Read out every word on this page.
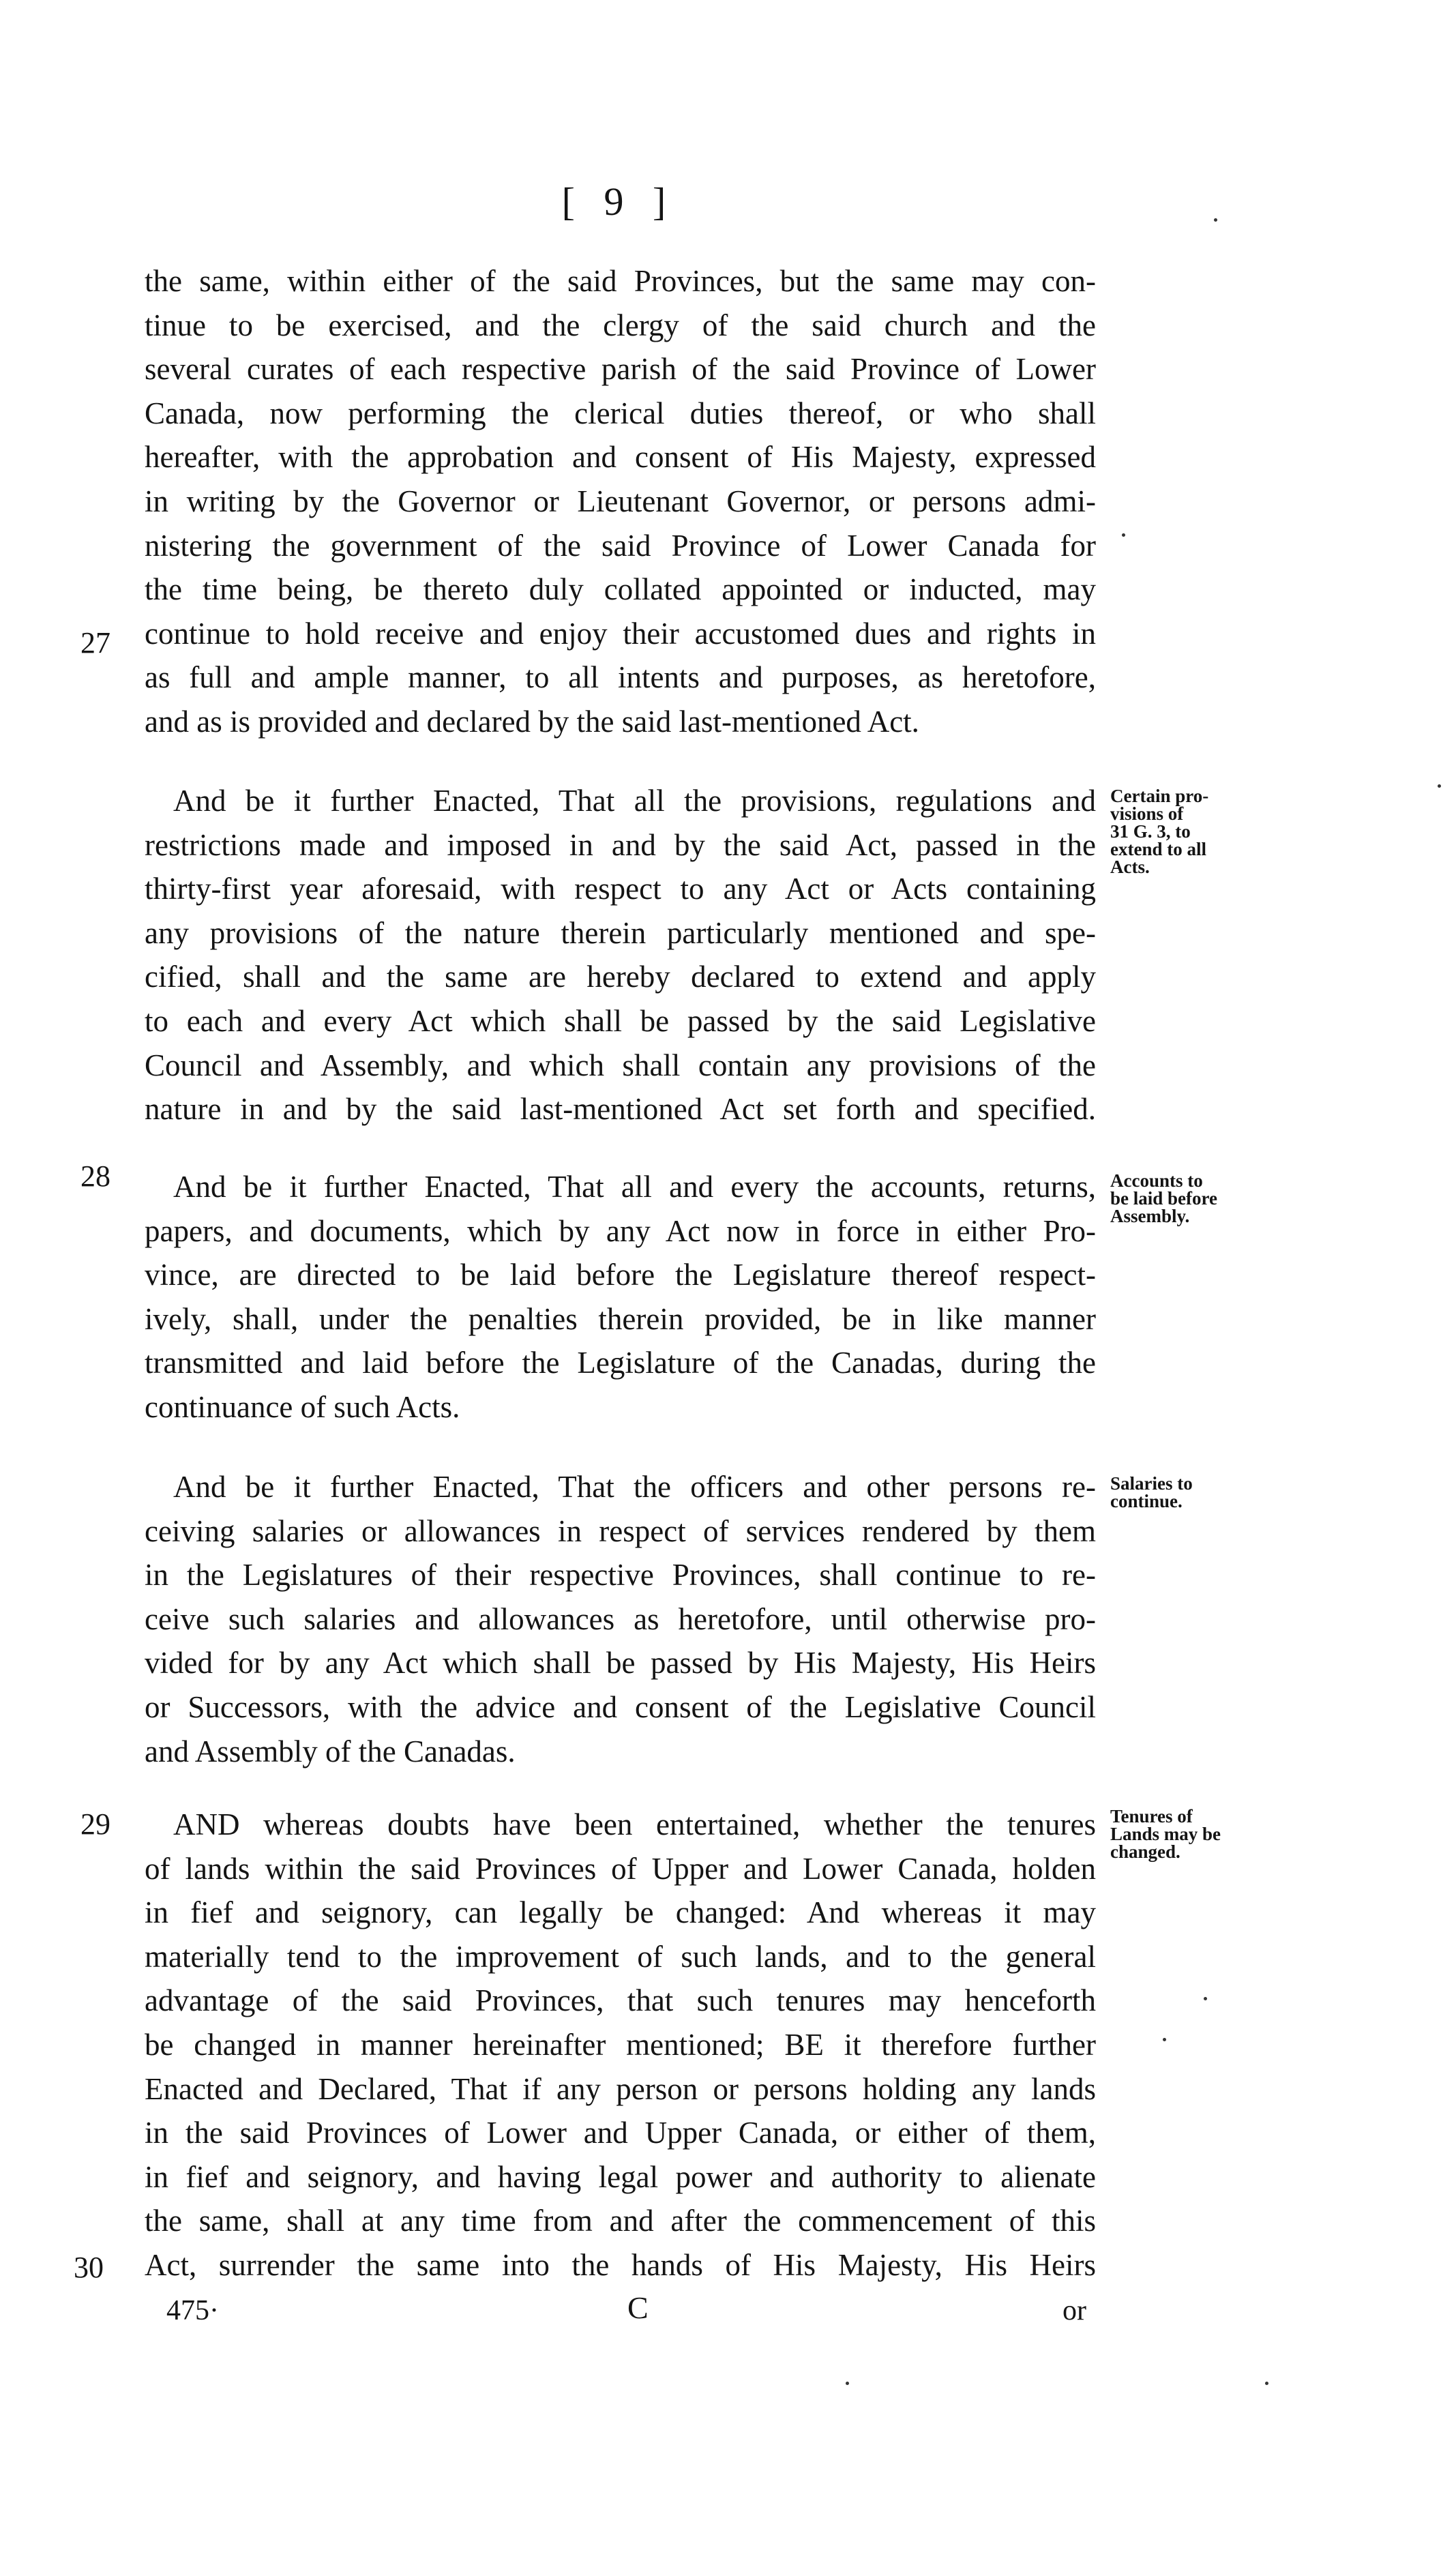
[ 9 ]
the same, within either of the said Provinces, but the same may con-
tinue to be exercised, and the clergy of the said church and the
several curates of each respective parish of the said Province of Lower
Canada, now performing the clerical duties thereof, or who shall
hereafter, with the approbation and consent of His Majesty, expressed
in writing by the Governor or Lieutenant Governor, or persons admi-
nistering the government of the said Province of Lower Canada for
the time being, be thereto duly collated appointed or inducted, may
continue to hold receive and enjoy their accustomed dues and rights in
as full and ample manner, to all intents and purposes, as heretofore,
and as is provided and declared by the said last-mentioned Act.
And be it further Enacted, That all the provisions, regulations and
restrictions made and imposed in and by the said Act, passed in the
thirty-first year aforesaid, with respect to any Act or Acts containing
any provisions of the nature therein particularly mentioned and spe-
cified, shall and the same are hereby declared to extend and apply
to each and every Act which shall be passed by the said Legislative
Council and Assembly, and which shall contain any provisions of the
nature in and by the said last-mentioned Act set forth and specified.
And be it further Enacted, That all and every the accounts, returns,
papers, and documents, which by any Act now in force in either Pro-
vince, are directed to be laid before the Legislature thereof respect-
ively, shall, under the penalties therein provided, be in like manner
transmitted and laid before the Legislature of the Canadas, during the
continuance of such Acts.
And be it further Enacted, That the officers and other persons re-
ceiving salaries or allowances in respect of services rendered by them
in the Legislatures of their respective Provinces, shall continue to re-
ceive such salaries and allowances as heretofore, until otherwise pro-
vided for by any Act which shall be passed by His Majesty, His Heirs
or Successors, with the advice and consent of the Legislative Council
and Assembly of the Canadas.
AND whereas doubts have been entertained, whether the tenures
of lands within the said Provinces of Upper and Lower Canada, holden
in fief and seignory, can legally be changed: And whereas it may
materially tend to the improvement of such lands, and to the general
advantage of the said Provinces, that such tenures may henceforth
be changed in manner hereinafter mentioned; BE it therefore further
Enacted and Declared, That if any person or persons holding any lands
in the said Provinces of Lower and Upper Canada, or either of them,
in fief and seignory, and having legal power and authority to alienate
the same, shall at any time from and after the commencement of this
Act, surrender the same into the hands of His Majesty, His Heirs
27
28
29
30
Certain pro-
visions of
31 G. 3, to
extend to all
Acts.
Accounts to
be laid before
Assembly.
Salaries to
continue.
Tenures of
Lands may be
changed.
475·	C	or
